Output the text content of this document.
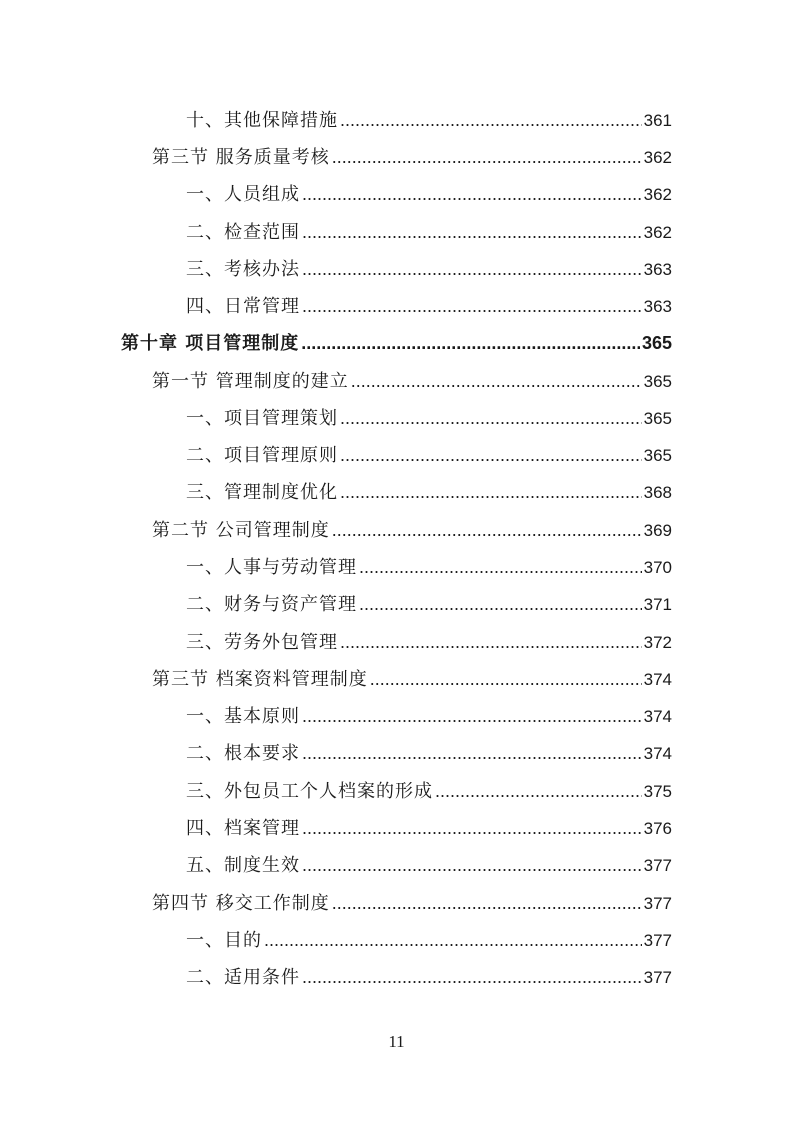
十、其他保障措施 .....	361
第三节 服务质量考核 .....	362
一、人员组成 .....	362
二、检查范围 .....	362
三、考核办法 .....	363
四、日常管理 .....	363
第十章 项目管理制度 .....	365
第一节 管理制度的建立 .....	365
一、项目管理策划 .....	365
二、项目管理原则 .....	365
三、管理制度优化 .....	368
第二节 公司管理制度 .....	369
一、人事与劳动管理 .....	370
二、财务与资产管理 .....	371
三、劳务外包管理 .....	372
第三节 档案资料管理制度 .....	374
一、基本原则 .....	374
二、根本要求 .....	374
三、外包员工个人档案的形成 .....	375
四、档案管理 .....	376
五、制度生效 .....	377
第四节 移交工作制度 .....	377
一、目的 .....	377
二、适用条件 .....	377
11
